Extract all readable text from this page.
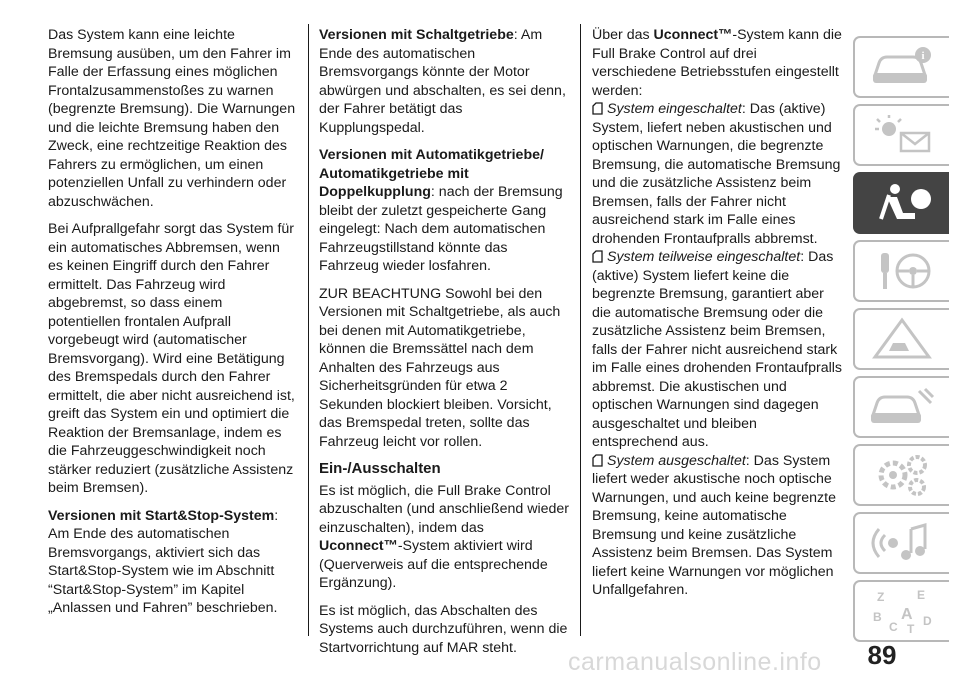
Das System kann eine leichte Bremsung ausüben, um den Fahrer im Falle der Erfassung eines möglichen Frontalzusammenstoßes zu warnen (begrenzte Bremsung). Die Warnungen und die leichte Bremsung haben den Zweck, eine rechtzeitige Reaktion des Fahrers zu ermöglichen, um einen potenziellen Unfall zu verhindern oder abzuschwächen.

Bei Aufprallgefahr sorgt das System für ein automatisches Abbremsen, wenn es keinen Eingriff durch den Fahrer ermittelt. Das Fahrzeug wird abgebremst, so dass einem potentiellen frontalen Aufprall vorgebeugt wird (automatischer Bremsvorgang). Wird eine Betätigung des Bremspedals durch den Fahrer ermittelt, die aber nicht ausreichend ist, greift das System ein und optimiert die Reaktion der Bremsanlage, indem es die Fahrzeuggeschwindigkeit noch stärker reduziert (zusätzliche Assistenz beim Bremsen).

Versionen mit Start&Stop-System: Am Ende des automatischen Bremsvorgangs, aktiviert sich das Start&Stop-System wie im Abschnitt “Start&Stop-System” im Kapitel „Anlassen und Fahren” beschrieben.

Versionen mit Schaltgetriebe: Am Ende des automatischen Bremsvorgangs könnte der Motor abwürgen und abschalten, es sei denn, der Fahrer betätigt das Kupplungspedal.

Versionen mit Automatikgetriebe/ Automatikgetriebe mit Doppelkupplung: nach der Bremsung bleibt der zuletzt gespeicherte Gang eingelegt: Nach dem automatischen Fahrzeugstillstand könnte das Fahrzeug wieder losfahren.

ZUR BEACHTUNG Sowohl bei den Versionen mit Schaltgetriebe, als auch bei denen mit Automatikgetriebe, können die Bremssättel nach dem Anhalten des Fahrzeugs aus Sicherheitsgründen für etwa 2 Sekunden blockiert bleiben. Vorsicht, das Bremspedal treten, sollte das Fahrzeug leicht vor rollen.

Ein-/Ausschalten

Es ist möglich, die Full Brake Control abzuschalten (und anschließend wieder einzuschalten), indem das Uconnect™-System aktiviert wird (Querverweis auf die entsprechende Ergänzung).

Es ist möglich, das Abschalten des Systems auch durchzuführen, wenn die Startvorrichtung auf MAR steht.

Über das Uconnect™-System kann die Full Brake Control auf drei verschiedene Betriebsstufen eingestellt werden:

System eingeschaltet: Das (aktive) System, liefert neben akustischen und optischen Warnungen, die begrenzte Bremsung, die automatische Bremsung und die zusätzliche Assistenz beim Bremsen, falls der Fahrer nicht ausreichend stark im Falle eines drohenden Frontaufpralls abbremst.

System teilweise eingeschaltet: Das (aktive) System liefert keine die begrenzte Bremsung, garantiert aber die automatische Bremsung oder die zusätzliche Assistenz beim Bremsen, falls der Fahrer nicht ausreichend stark im Falle eines drohenden Frontaufpralls abbremst. Die akustischen und optischen Warnungen sind dagegen ausgeschaltet und bleiben entsprechend aus.

System ausgeschaltet: Das System liefert weder akustische noch optische Warnungen, und auch keine begrenzte Bremsung, keine automatische Bremsung und keine zusätzliche Assistenz beim Bremsen. Das System liefert keine Warnungen vor möglichen Unfallgefahren.

i
Z	E
B A
C T
D
carmanualsonline.info 89
